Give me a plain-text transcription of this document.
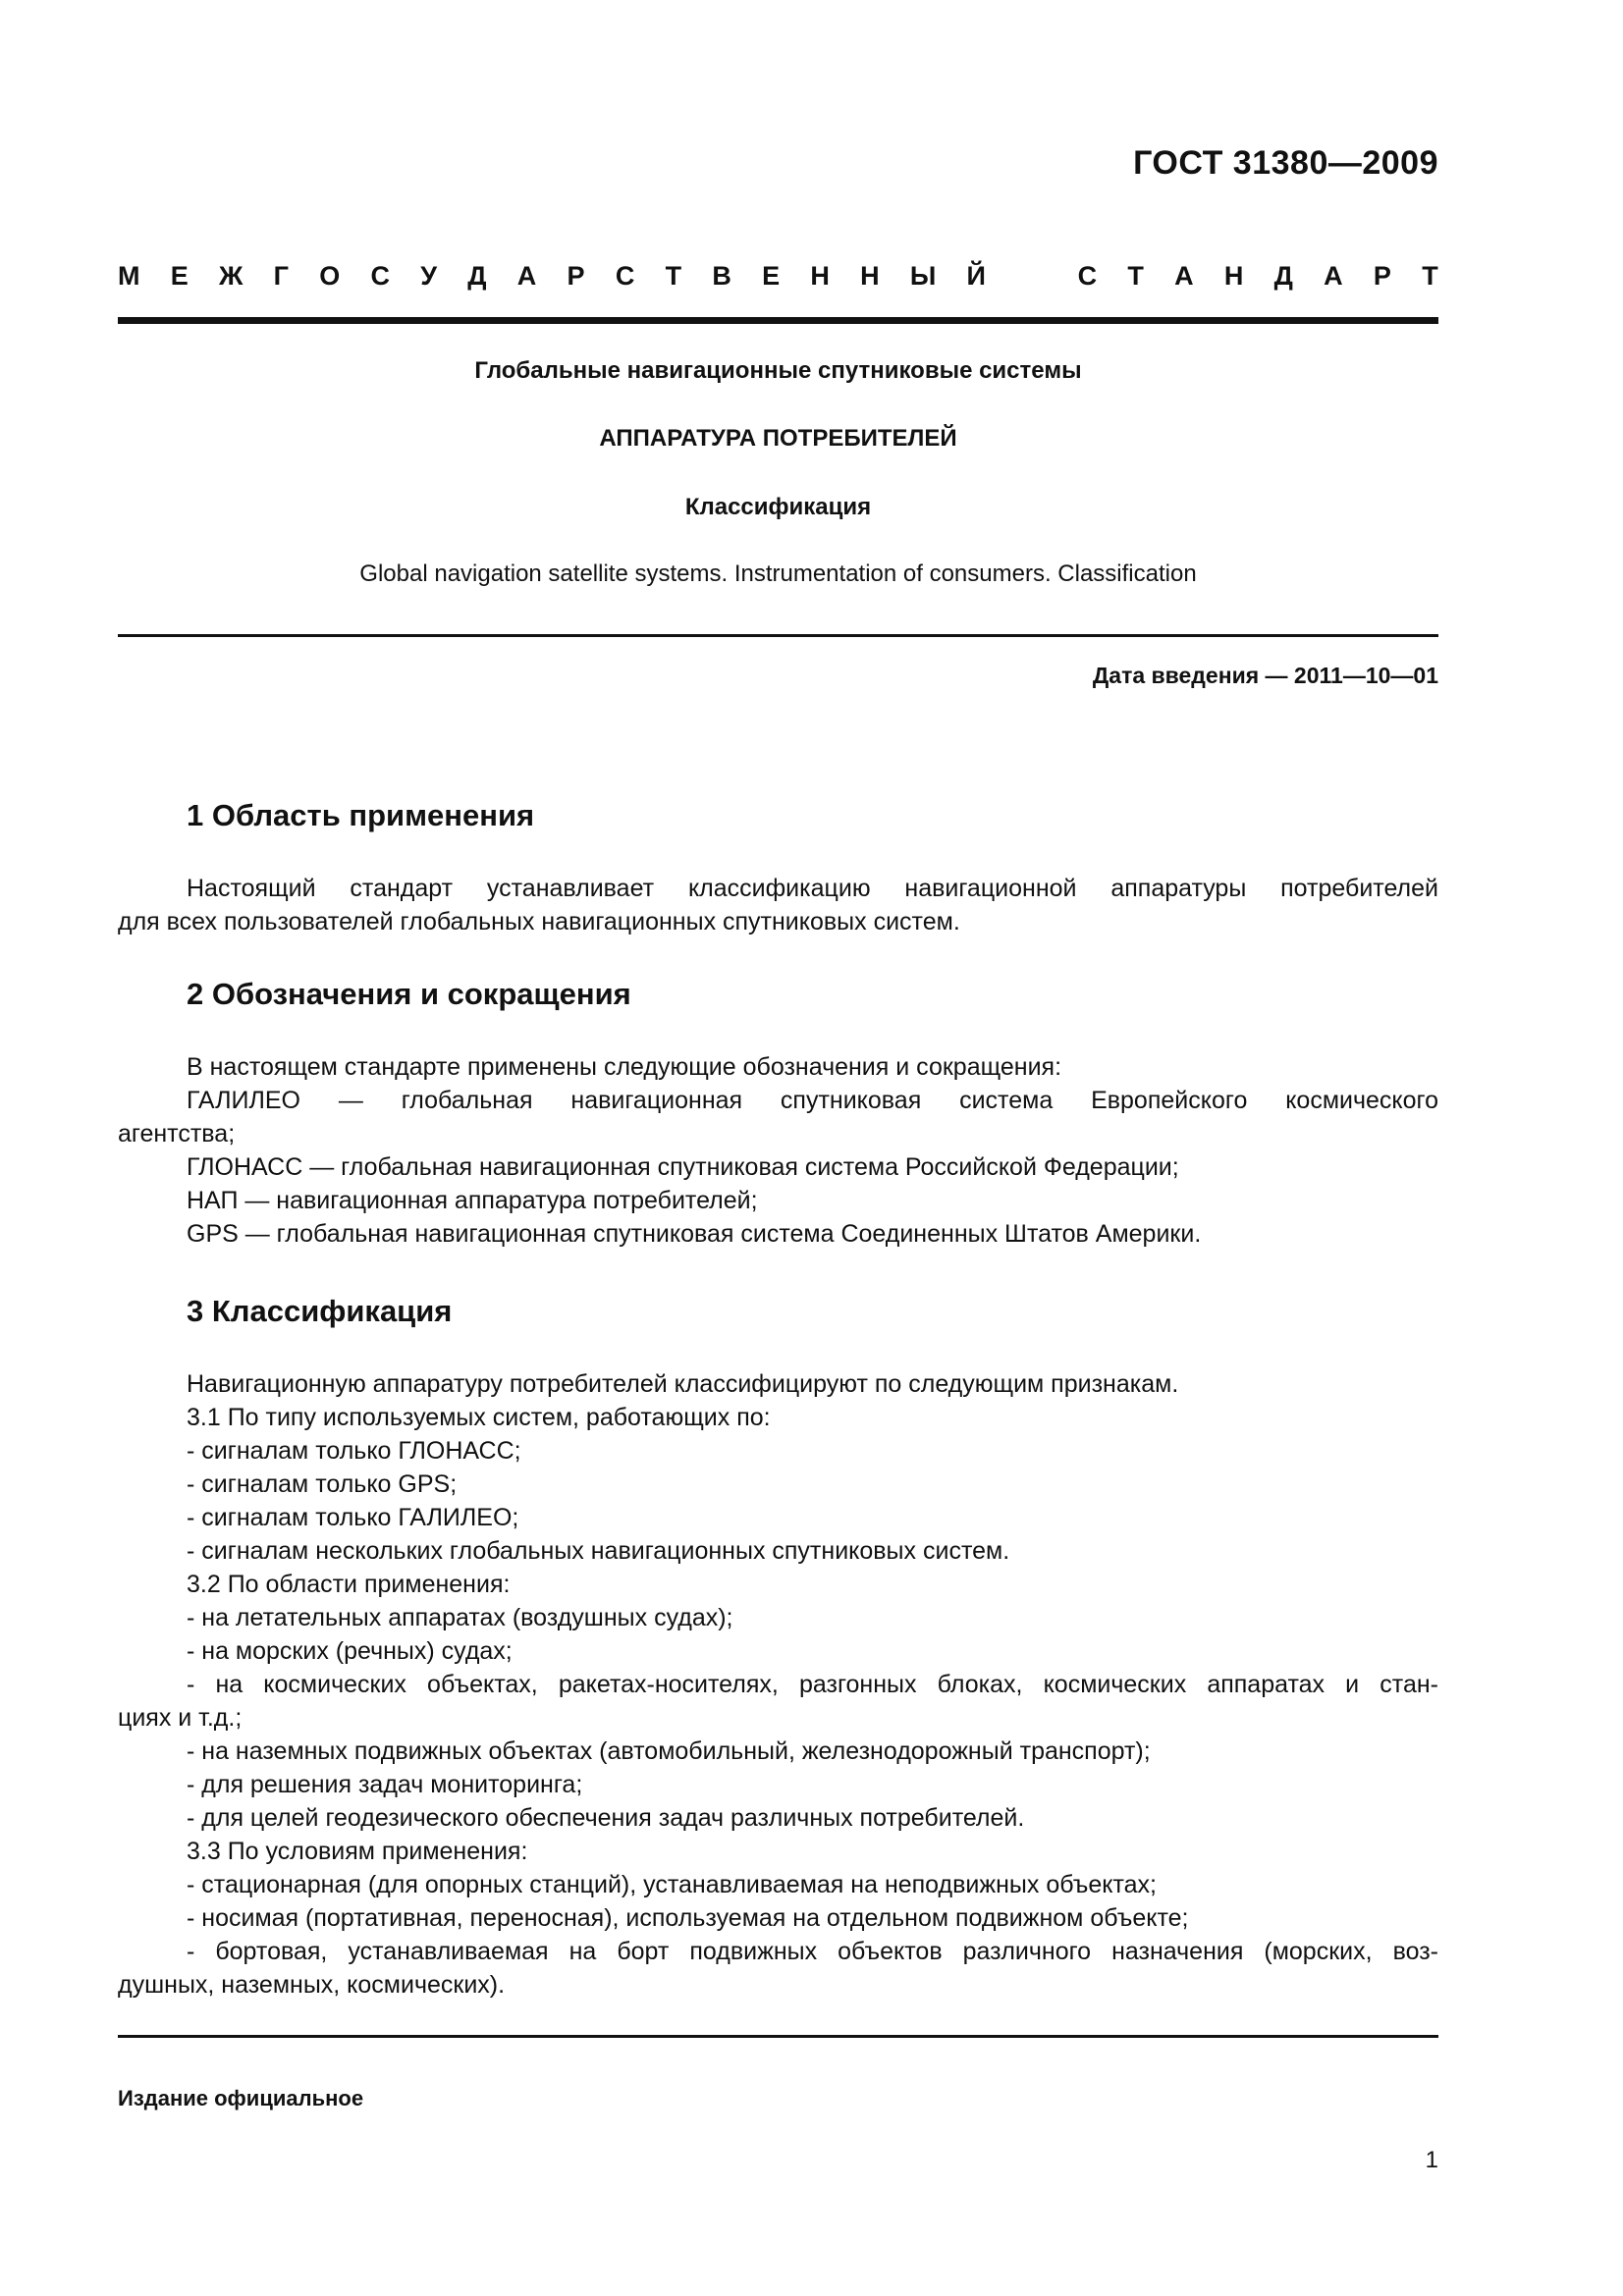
ГОСТ 31380—2009
М Е Ж Г О С У Д А Р С Т В Е Н Н Ы Й	С Т А Н Д А Р Т
Глобальные навигационные спутниковые системы
АППАРАТУРА ПОТРЕБИТЕЛЕЙ
Классификация
Global navigation satellite systems. Instrumentation of consumers. Classification
Дата введения — 2011—10—01
1 Область применения
Настоящий стандарт устанавливает классификацию навигационной аппаратуры потребителей
для всех пользователей глобальных навигационных спутниковых систем.
2 Обозначения и сокращения
В настоящем стандарте применены следующие обозначения и сокращения:
ГАЛИЛЕО — глобальная навигационная спутниковая система Европейского космического
агентства;
ГЛОНАСС — глобальная навигационная спутниковая система Российской Федерации;
НАП — навигационная аппаратура потребителей;
GPS — глобальная навигационная спутниковая система Соединенных Штатов Америки.
3 Классификация
Навигационную аппаратуру потребителей классифицируют по следующим признакам.
3.1 По типу используемых систем, работающих по:
- сигналам только ГЛОНАСС;
- сигналам только GPS;
- сигналам только ГАЛИЛЕО;
- сигналам нескольких глобальных навигационных спутниковых систем.
3.2 По области применения:
- на летательных аппаратах (воздушных судах);
- на морских (речных) судах;
- на космических объектах, ракетах-носителях, разгонных блоках, космических аппаратах и стан-
циях и т.д.;
- на наземных подвижных объектах (автомобильный, железнодорожный транспорт);
- для решения задач мониторинга;
- для целей геодезического обеспечения задач различных потребителей.
3.3 По условиям применения:
- стационарная (для опорных станций), устанавливаемая на неподвижных объектах;
- носимая (портативная, переносная), используемая на отдельном подвижном объекте;
- бортовая, устанавливаемая на борт подвижных объектов различного назначения (морских, воз-
душных, наземных, космических).
Издание официальное
1
